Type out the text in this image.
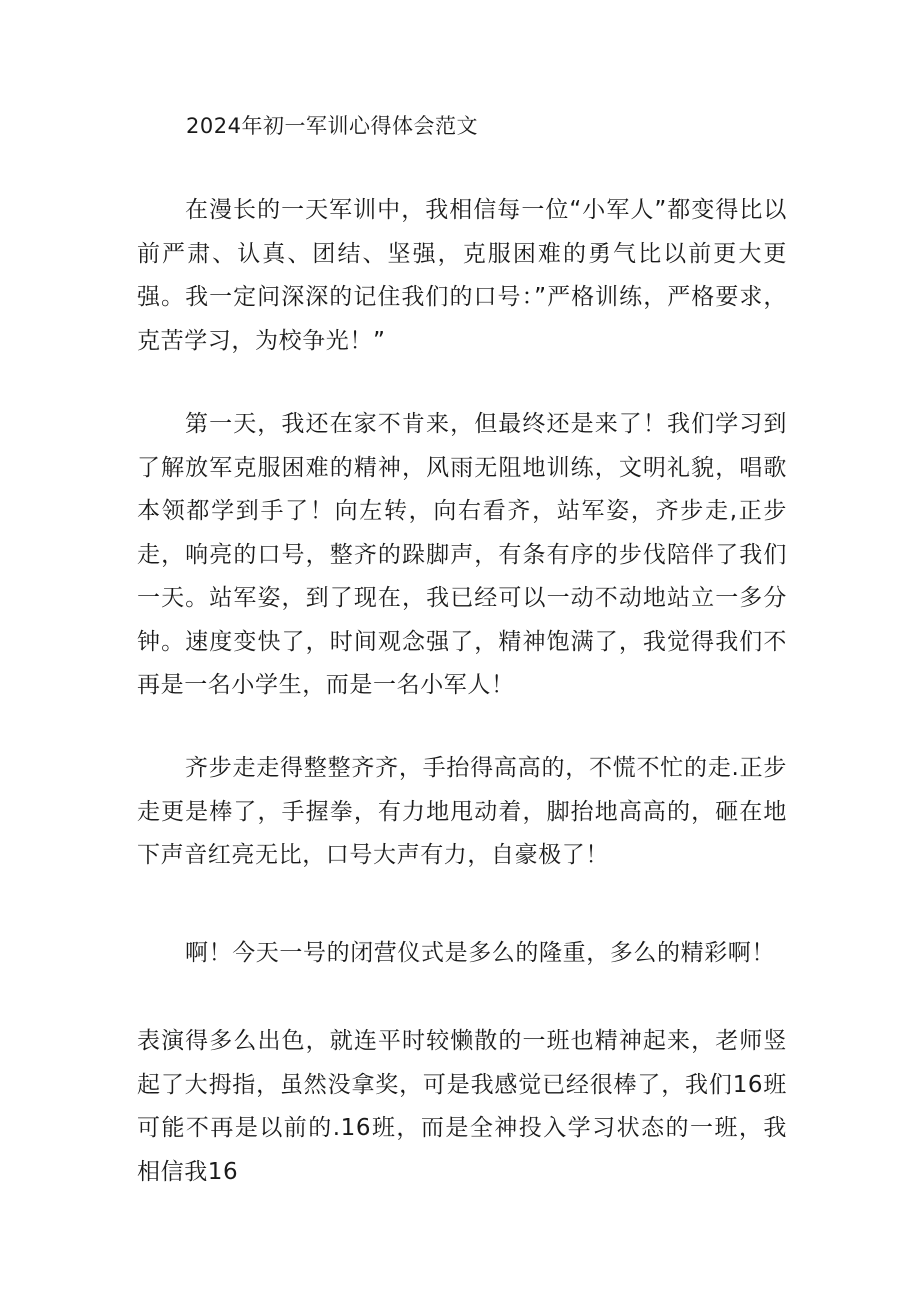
2024年初一军训心得体会范文

在漫长的一天军训中，我相信每一位“小军人”都变得比以前严肃、认真、团结、坚强，克服困难的勇气比以前更大更强。我一定问深深的记住我们的口号：”严格训练，严格要求，克苦学习，为校争光！”

第一天，我还在家不肯来，但最终还是来了！我们学习到了解放军克服困难的精神，风雨无阻地训练，文明礼貌，唱歌本领都学到手了！向左转，向右看齐，站军姿，齐步走,正步走，响亮的口号，整齐的跺脚声，有条有序的步伐陪伴了我们一天。站军姿，到了现在，我已经可以一动不动地站立一多分钟。速度变快了，时间观念强了，精神饱满了，我觉得我们不再是一名小学生，而是一名小军人！

齐步走走得整整齐齐，手抬得高高的，不慌不忙的走.正步走更是棒了，手握拳，有力地甩动着，脚抬地高高的，砸在地下声音红亮无比，口号大声有力，自豪极了！

啊！今天一号的闭营仪式是多么的隆重，多么的精彩啊！

表演得多么出色，就连平时较懒散的一班也精神起来，老师竖起了大拇指，虽然没拿奖，可是我感觉已经很棒了，我们16班可能不再是以前的.16班，而是全神投入学习状态的一班，我相信我16
